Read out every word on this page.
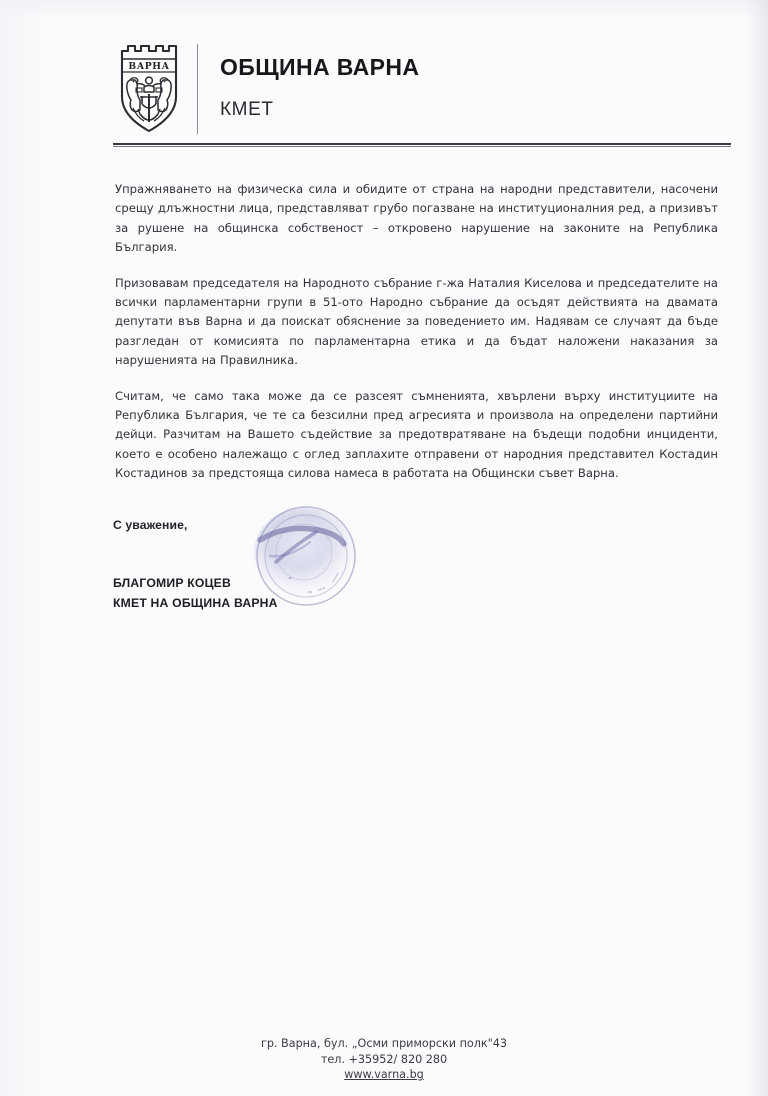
ВАРНА ОБЩИНА ВАРНА
КМЕТ

Упражняването на физическа сила и обидите от страна на народни представители, насочени срещу длъжностни лица, представляват грубо погазване на институционалния ред, а призивът за рушене на общинска собственост – откровено нарушение на законите на Република България.

Призовавам председателя на Народното събрание г-жа Наталия Киселова и председателите на всички парламентарни групи в 51-ото Народно събрание да осъдят действията на двамата депутати във Варна и да поискат обяснение за поведението им. Надявам се случаят да бъде разгледан от комисията по парламентарна етика и да бъдат наложени наказания за нарушенията на Правилника.

Считам, че само така може да се разсеят съмненията, хвърлени върху институциите на Република България, че те са безсилни пред агресията и произвола на определени партийни дейци. Разчитам на Вашето съдействие за предотвратяване на бъдещи подобни инциденти, което е особено належащо с оглед заплахите отправени от народния представител Костадин Костадинов за предстояща силова намеса в работата на Общински съвет Варна.

С уважение,
БЛАГОМИР КОЦЕВ
КМЕТ НА ОБЩИНА ВАРНА
гр. Варна, бул. „Осми приморски полк"43
тел. +35952/ 820 280
www.varna.bg
